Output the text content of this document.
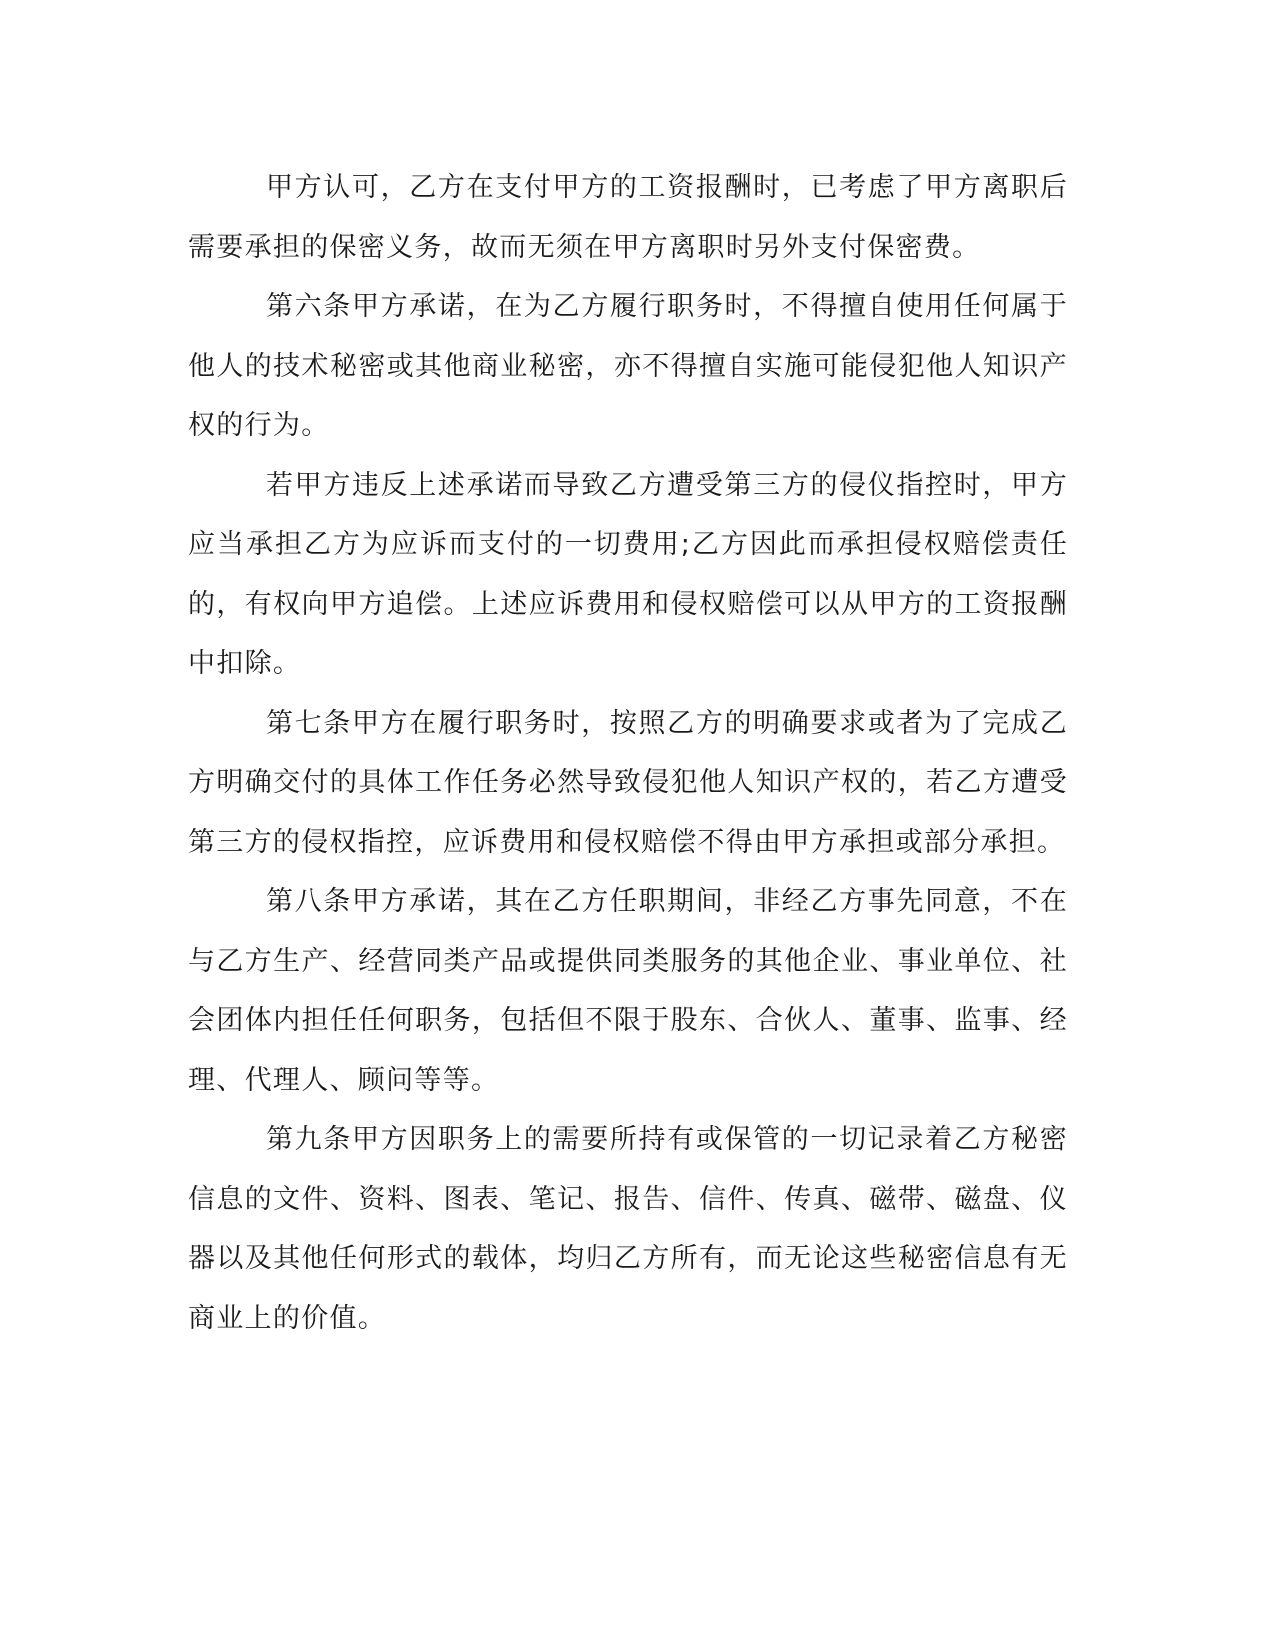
甲方认可，乙方在支付甲方的工资报酬时，已考虑了甲方离职后需要承担的保密义务，故而无须在甲方离职时另外支付保密费。

第六条甲方承诺，在为乙方履行职务时，不得擅自使用任何属于他人的技术秘密或其他商业秘密，亦不得擅自实施可能侵犯他人知识产权的行为。

若甲方违反上述承诺而导致乙方遭受第三方的侵仪指控时，甲方应当承担乙方为应诉而支付的一切费用;乙方因此而承担侵权赔偿责任的，有权向甲方追偿。上述应诉费用和侵权赔偿可以从甲方的工资报酬中扣除。

第七条甲方在履行职务时，按照乙方的明确要求或者为了完成乙方明确交付的具体工作任务必然导致侵犯他人知识产权的，若乙方遭受第三方的侵权指控，应诉费用和侵权赔偿不得由甲方承担或部分承担。

第八条甲方承诺，其在乙方任职期间，非经乙方事先同意，不在与乙方生产、经营同类产品或提供同类服务的其他企业、事业单位、社会团体内担任任何职务，包括但不限于股东、合伙人、董事、监事、经理、代理人、顾问等等。

第九条甲方因职务上的需要所持有或保管的一切记录着乙方秘密信息的文件、资料、图表、笔记、报告、信件、传真、磁带、磁盘、仪器以及其他任何形式的载体，均归乙方所有，而无论这些秘密信息有无商业上的价值。
